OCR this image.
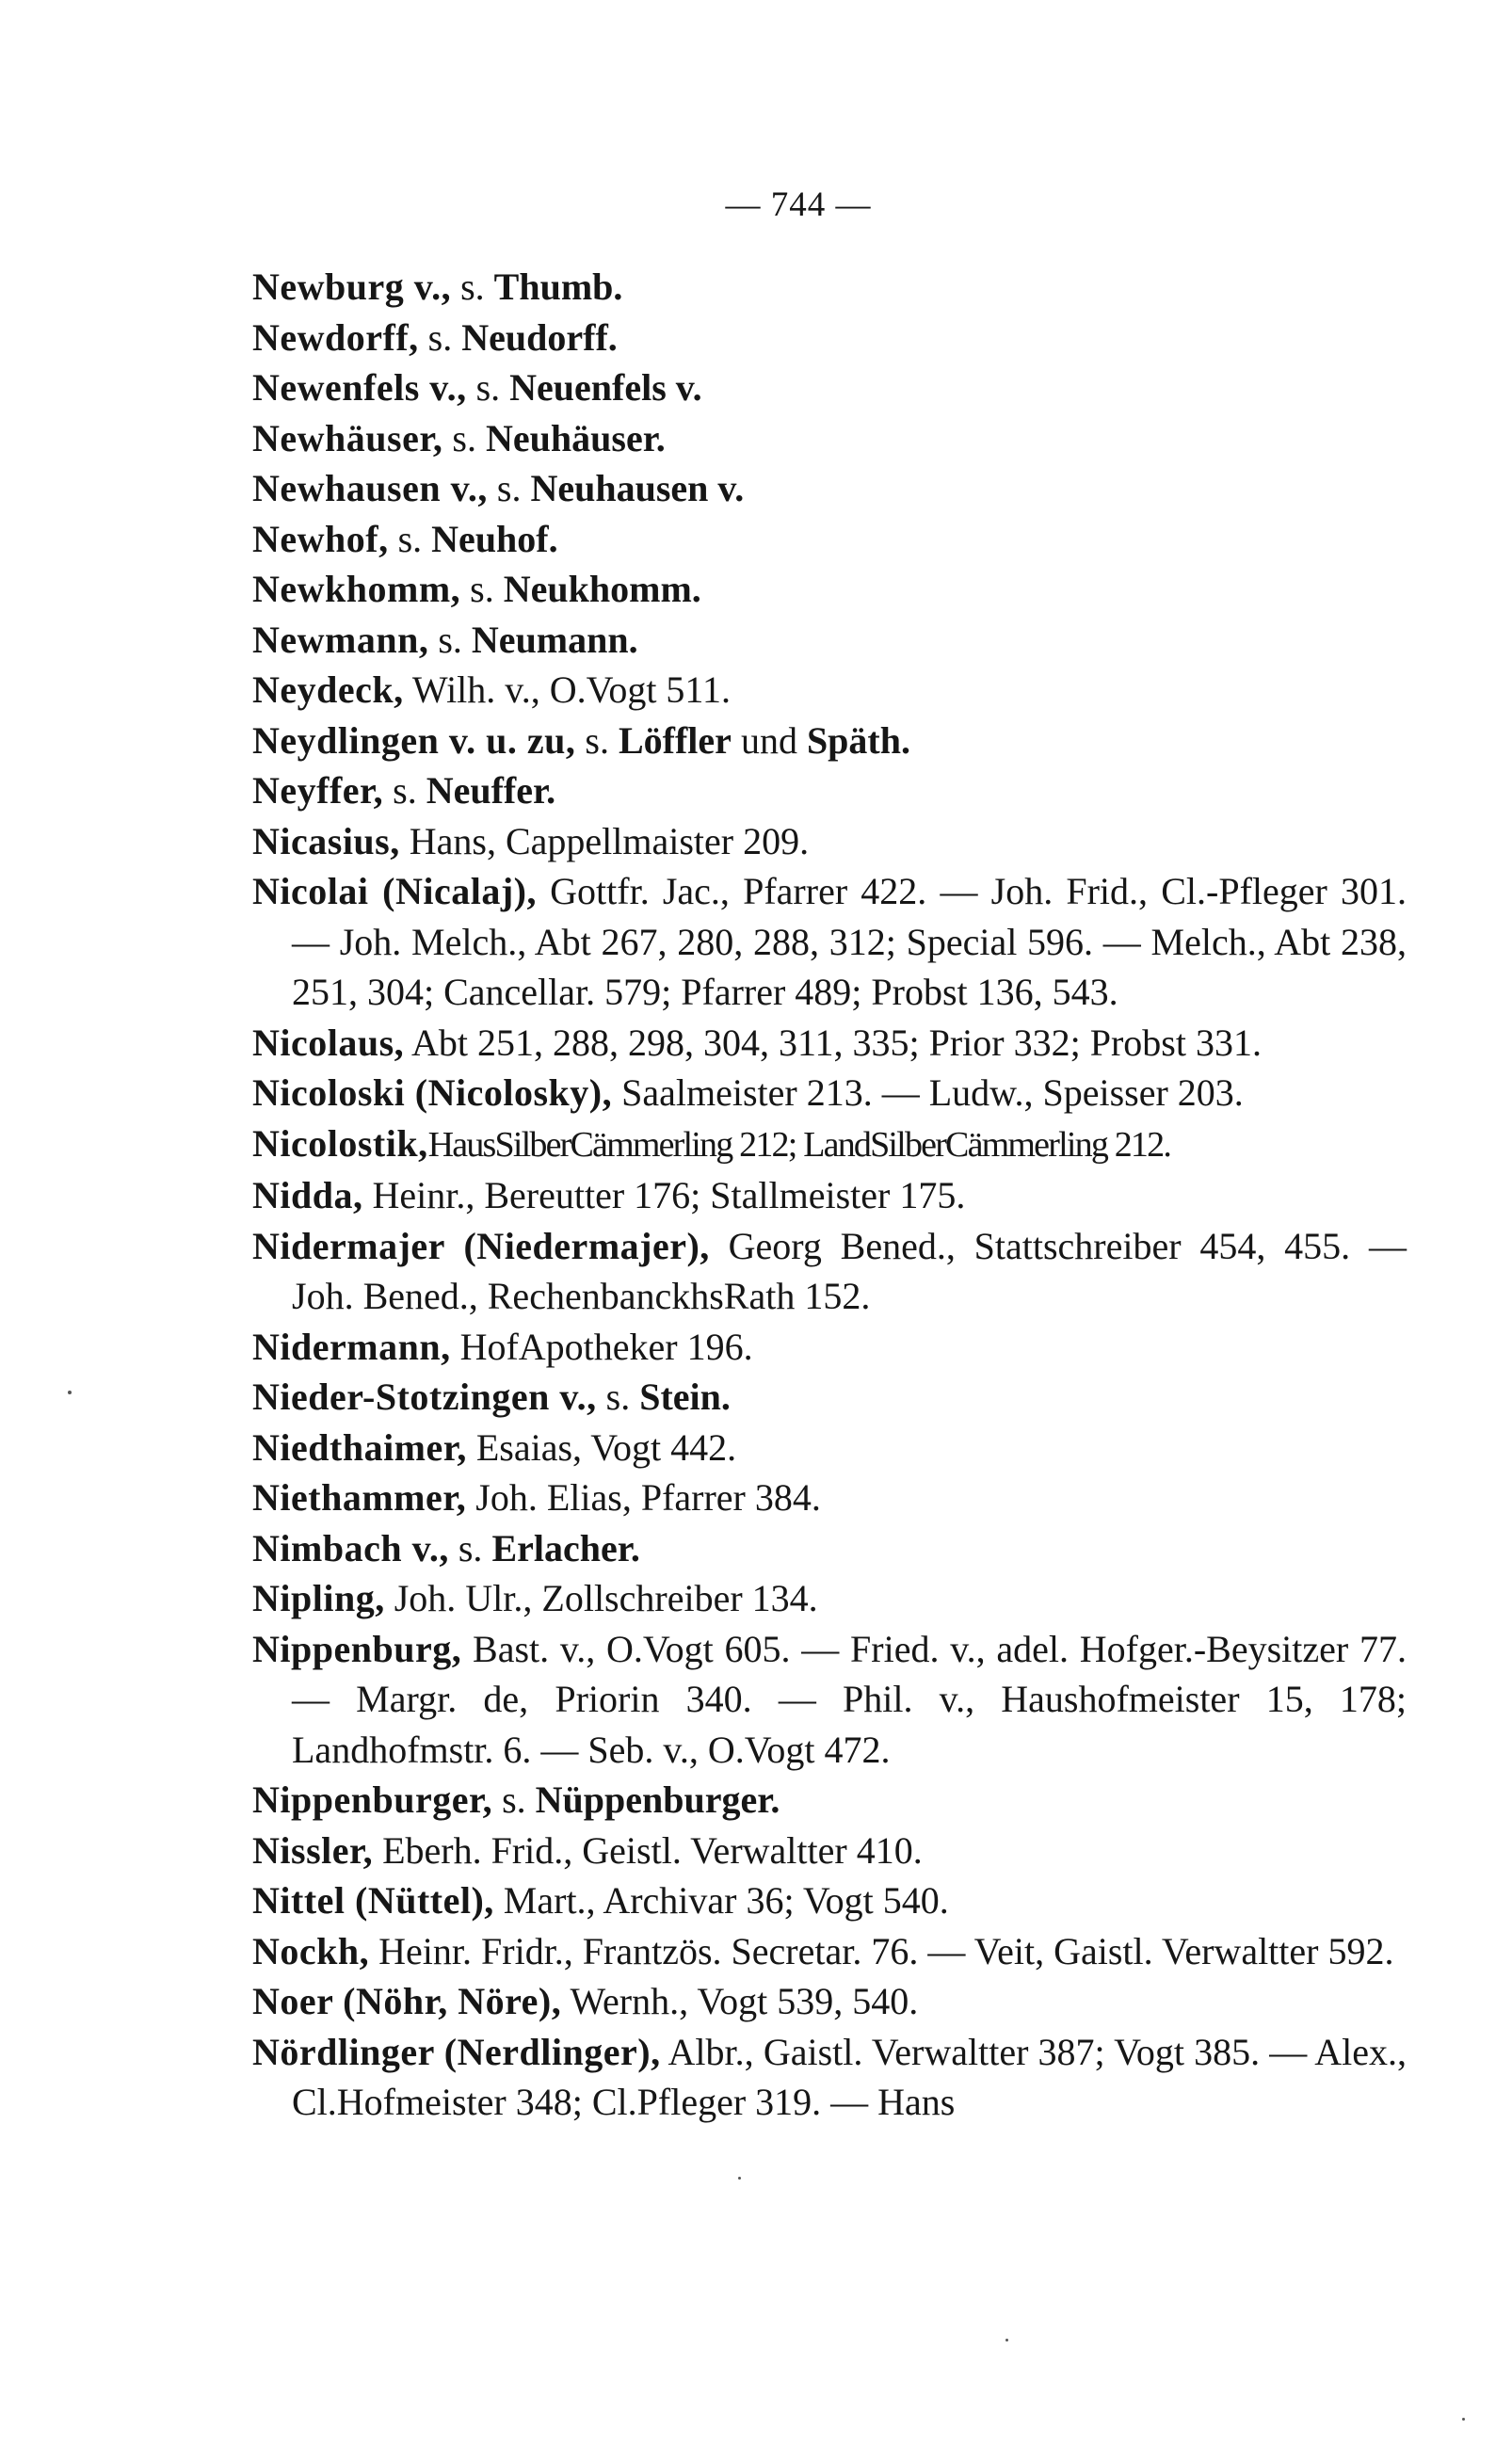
— 744 —

Newburg v., s. Thumb.

Newdorff, s. Neudorff.

Newenfels v., s. Neuenfels v.

Newhäuser, s. Neuhäuser.

Newhausen v., s. Neuhausen v.

Newhof, s. Neuhof.

Newkhomm, s. Neukhomm.

Newmann, s. Neumann.

Neydeck, Wilh. v., O.Vogt 511.

Neydlingen v. u. zu, s. Löffler und Späth.

Neyffer, s. Neuffer.

Nicasius, Hans, Cappellmaister 209.

Nicolai (Nicalaj), Gottfr. Jac., Pfarrer 422. — Joh. Frid., Cl.-Pfleger 301. — Joh. Melch., Abt 267, 280, 288, 312; Special 596. — Melch., Abt 238, 251, 304; Cancellar. 579; Pfarrer 489; Probst 136, 543.

Nicolaus, Abt 251, 288, 298, 304, 311, 335; Prior 332; Probst 331.

Nicoloski (Nicolosky), Saalmeister 213. — Ludw., Speisser 203.

Nicolostik,HausSilberCämmerling 212; LandSilberCämmerling 212.

Nidda, Heinr., Bereutter 176; Stallmeister 175.

Nidermajer (Niedermajer), Georg Bened., Stattschreiber 454, 455. — Joh. Bened., RechenbanckhsRath 152.

Nidermann, HofApotheker 196.

Nieder-Stotzingen v., s. Stein.

Niedthaimer, Esaias, Vogt 442.

Niethammer, Joh. Elias, Pfarrer 384.

Nimbach v., s. Erlacher.

Nipling, Joh. Ulr., Zollschreiber 134.

Nippenburg, Bast. v., O.Vogt 605. — Fried. v., adel. Hofger.-Beysitzer 77. — Margr. de, Priorin 340. — Phil. v., Haushofmeister 15, 178; Landhofmstr. 6. — Seb. v., O.Vogt 472.

Nippenburger, s. Nüppenburger.

Nissler, Eberh. Frid., Geistl. Verwaltter 410.

Nittel (Nüttel), Mart., Archivar 36; Vogt 540.

Nockh, Heinr. Fridr., Frantzös. Secretar. 76. — Veit, Gaistl. Verwaltter 592.

Noer (Nöhr, Nöre), Wernh., Vogt 539, 540.

Nördlinger (Nerdlinger), Albr., Gaistl. Verwaltter 387; Vogt 385. — Alex., Cl.Hofmeister 348; Cl.Pfleger 319. — Hans
